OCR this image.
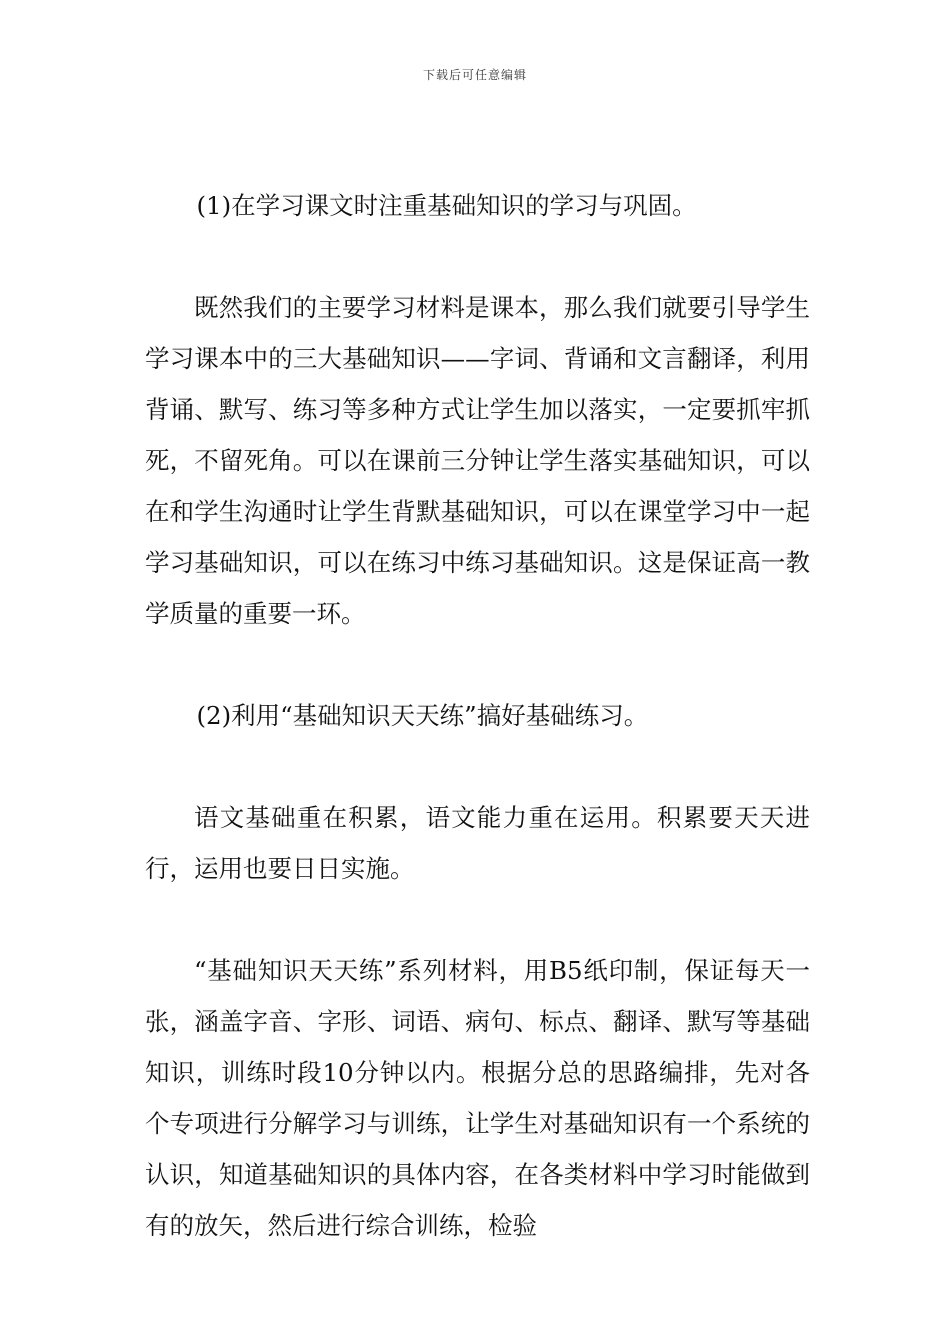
下载后可任意编辑

(1)在学习课文时注重基础知识的学习与巩固。

既然我们的主要学习材料是课本，那么我们就要引导学生学习课本中的三大基础知识——字词、背诵和文言翻译，利用背诵、默写、练习等多种方式让学生加以落实，一定要抓牢抓死，不留死角。可以在课前三分钟让学生落实基础知识，可以在和学生沟通时让学生背默基础知识，可以在课堂学习中一起学习基础知识，可以在练习中练习基础知识。这是保证高一教学质量的重要一环。

(2)利用“基础知识天天练”搞好基础练习。

语文基础重在积累，语文能力重在运用。积累要天天进行，运用也要日日实施。

“基础知识天天练”系列材料，用B5纸印制，保证每天一张，涵盖字音、字形、词语、病句、标点、翻译、默写等基础知识，训练时段10分钟以内。根据分总的思路编排，先对各个专项进行分解学习与训练，让学生对基础知识有一个系统的认识，知道基础知识的具体内容，在各类材料中学习时能做到有的放矢，然后进行综合训练，检验
